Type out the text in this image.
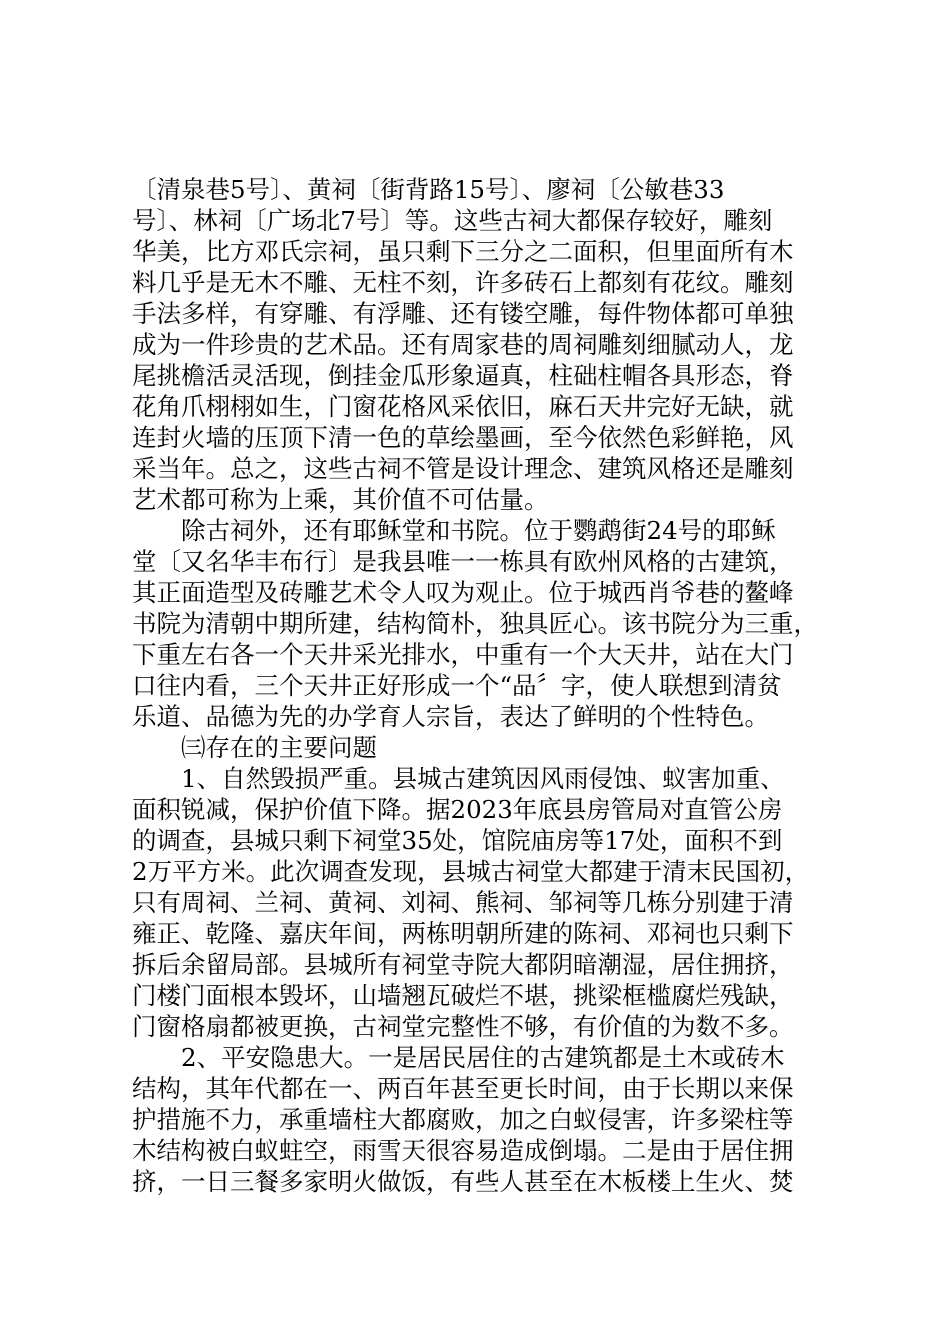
〔清泉巷5号〕、黄祠〔街背路15号〕、廖祠〔公敏巷33
号〕、林祠〔广场北7号〕等。这些古祠大都保存较好，雕刻
华美，比方邓氏宗祠，虽只剩下三分之二面积，但里面所有木
料几乎是无木不雕、无柱不刻，许多砖石上都刻有花纹。雕刻
手法多样，有穿雕、有浮雕、还有镂空雕，每件物体都可单独
成为一件珍贵的艺术品。还有周家巷的周祠雕刻细腻动人，龙
尾挑檐活灵活现，倒挂金瓜形象逼真，柱础柱帽各具形态，脊
花角爪栩栩如生，门窗花格风采依旧，麻石天井完好无缺，就
连封火墙的压顶下清一色的草绘墨画，至今依然色彩鲜艳，风
采当年。总之，这些古祠不管是设计理念、建筑风格还是雕刻
艺术都可称为上乘，其价值不可估量。
除古祠外，还有耶稣堂和书院。位于鹦鹉街24号的耶稣
堂〔又名华丰布行〕是我县唯一一栋具有欧州风格的古建筑，
其正面造型及砖雕艺术令人叹为观止。位于城西肖爷巷的鳌峰
书院为清朝中期所建，结构简朴，独具匠心。该书院分为三重，
下重左右各一个天井采光排水，中重有一个大天井，站在大门
口往内看，三个天井正好形成一个“品〞字，使人联想到清贫
乐道、品德为先的办学育人宗旨，表达了鲜明的个性特色。
㈢存在的主要问题
1、自然毁损严重。县城古建筑因风雨侵蚀、蚁害加重、
面积锐减，保护价值下降。据2023年底县房管局对直管公房
的调查，县城只剩下祠堂35处，馆院庙房等17处，面积不到
2万平方米。此次调查发现，县城古祠堂大都建于清末民国初，
只有周祠、兰祠、黄祠、刘祠、熊祠、邹祠等几栋分别建于清
雍正、乾隆、嘉庆年间，两栋明朝所建的陈祠、邓祠也只剩下
拆后余留局部。县城所有祠堂寺院大都阴暗潮湿，居住拥挤，
门楼门面根本毁坏，山墙翘瓦破烂不堪，挑梁框槛腐烂残缺，
门窗格扇都被更换，古祠堂完整性不够，有价值的为数不多。
2、平安隐患大。一是居民居住的古建筑都是土木或砖木
结构，其年代都在一、两百年甚至更长时间，由于长期以来保
护措施不力，承重墙柱大都腐败，加之白蚁侵害，许多梁柱等
木结构被白蚁蛀空，雨雪天很容易造成倒塌。二是由于居住拥
挤，一日三餐多家明火做饭，有些人甚至在木板楼上生火、焚
